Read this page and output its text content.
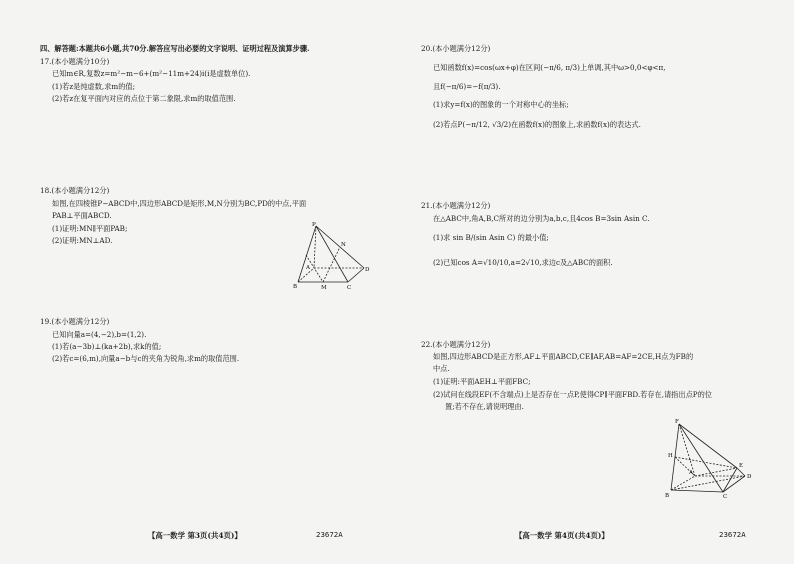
四、解答题:本题共6小题,共70分.解答应写出必要的文字说明、证明过程及演算步骤.
17.(本小题满分10分)
已知m∈R,复数z=m²−m−6+(m²−11m+24)i(i是虚数单位).
(1)若z是纯虚数,求m的值;
(2)若z在复平面内对应的点位于第二象限,求m的取值范围.
18.(本小题满分12分)
如图,在四棱锥P−ABCD中,四边形ABCD是矩形,M,N分别为BC,PD的中点,平面
PAB⊥平面ABCD.
(1)证明:MN∥平面PAB;
(2)证明:MN⊥AD.
P
N
A
B	M	C
D
19.(本小题满分12分)
已知向量a=(4,−2),b=(1,2).
(1)若(a−3b)⊥(ka+2b),求k的值;
(2)若c=(6,m),向量a−b与c的夹角为锐角,求m的取值范围.
【高一数学 第3页(共4页)】	23672A
20.(本小题满分12分)
已知函数f(x)=cos(ωx+φ)在区间(−π/6, π/3)上单调,其中ω>0,0<φ<π,
且f(−π/6)=−f(π/3).
(1)求y=f(x)的图象的一个对称中心的坐标;
(2)若点P(−π/12, √3/2)在函数f(x)的图象上,求函数f(x)的表达式.
21.(本小题满分12分)
在△ABC中,角A,B,C所对的边分别为a,b,c,且4cos B=3sin Asin C.
(1)求 sin B/(sin Asin C) 的最小值;
(2)已知cos A=√10/10,a=2√10,求边c及△ABC的面积.
22.(本小题满分12分)
如图,四边形ABCD是正方形,AF⊥平面ABCD,CE∥AF,AB=AF=2CE,H点为FB的
中点.
(1)证明:平面AEH⊥平面FBC;
(2)试问在线段EF(不含端点)上是否存在一点P,使得CP∥平面FBD.若存在,请指出点P的位
置;若不存在,请说明理由.
F
H
E
A
D
B	C
【高一数学 第4页(共4页)】	23672A
